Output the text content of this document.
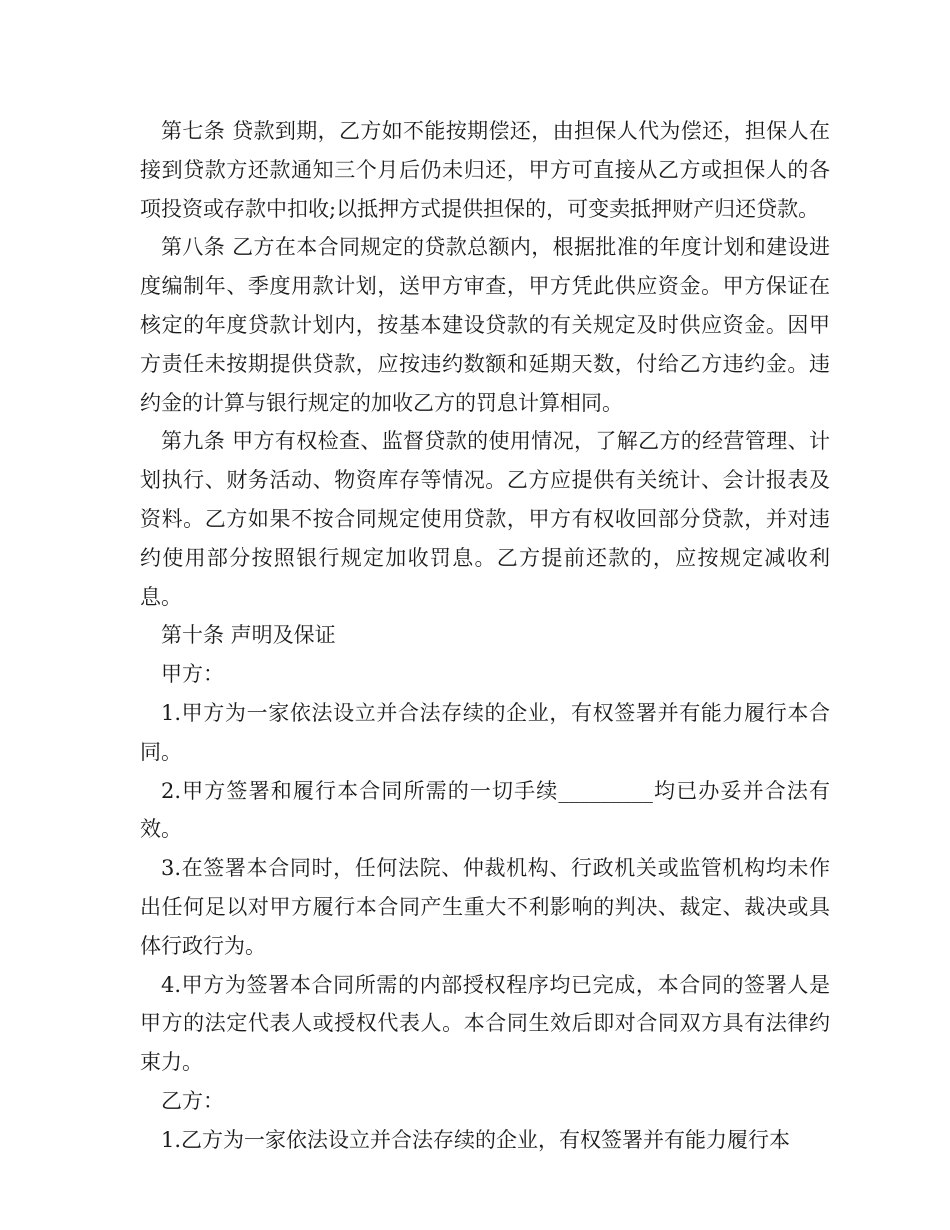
第七条 贷款到期，乙方如不能按期偿还，由担保人代为偿还，担保人在接到贷款方还款通知三个月后仍未归还，甲方可直接从乙方或担保人的各项投资或存款中扣收;以抵押方式提供担保的，可变卖抵押财产归还贷款。

第八条 乙方在本合同规定的贷款总额内，根据批准的年度计划和建设进度编制年、季度用款计划，送甲方审查，甲方凭此供应资金。甲方保证在核定的年度贷款计划内，按基本建设贷款的有关规定及时供应资金。因甲方责任未按期提供贷款，应按违约数额和延期天数，付给乙方违约金。违约金的计算与银行规定的加收乙方的罚息计算相同。

第九条 甲方有权检查、监督贷款的使用情况，了解乙方的经营管理、计划执行、财务活动、物资库存等情况。乙方应提供有关统计、会计报表及资料。乙方如果不按合同规定使用贷款，甲方有权收回部分贷款，并对违约使用部分按照银行规定加收罚息。乙方提前还款的，应按规定减收利息。

第十条 声明及保证

甲方：

1.甲方为一家依法设立并合法存续的企业，有权签署并有能力履行本合同。

2.甲方签署和履行本合同所需的一切手续_________均已办妥并合法有效。

3.在签署本合同时，任何法院、仲裁机构、行政机关或监管机构均未作出任何足以对甲方履行本合同产生重大不利影响的判决、裁定、裁决或具体行政行为。

4.甲方为签署本合同所需的内部授权程序均已完成，本合同的签署人是甲方的法定代表人或授权代表人。本合同生效后即对合同双方具有法律约束力。

乙方：

1.乙方为一家依法设立并合法存续的企业，有权签署并有能力履行本
